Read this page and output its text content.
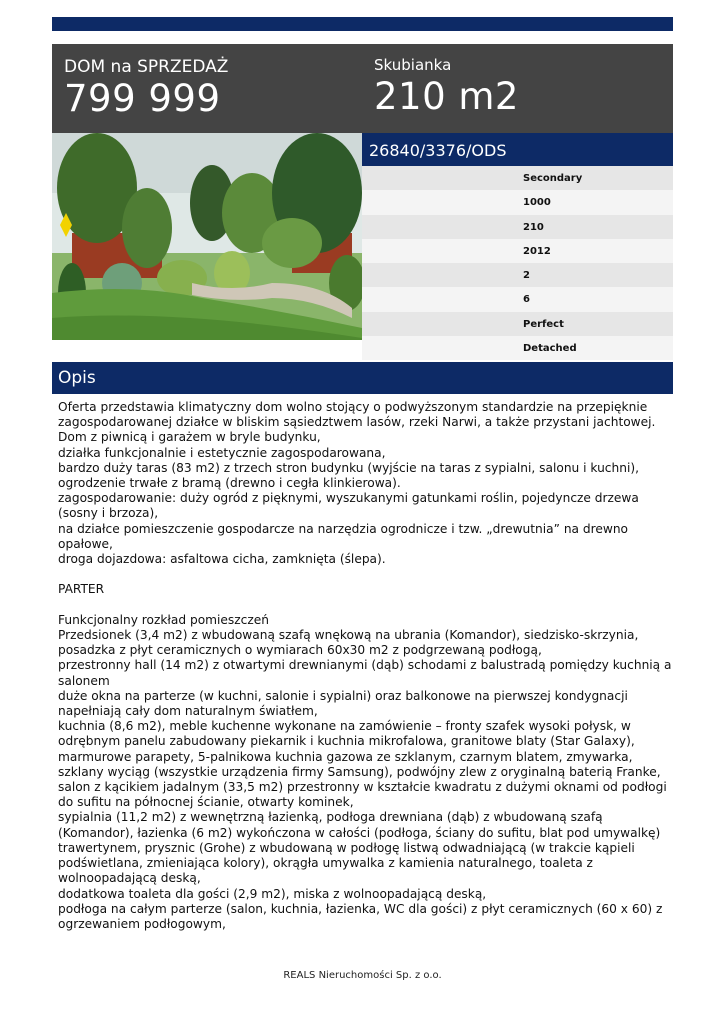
DOM na SPRZEDAŻ
799 999
Skubianka
210 m2
26840/3376/ODS
Secondary
1000
210
2012
2
6
Perfect
Detached
Opis
Oferta przedstawia klimatyczny dom wolno stojący o podwyższonym standardzie na przepięknie zagospodarowanej działce w bliskim sąsiedztwem lasów, rzeki Narwi, a także przystani jachtowej.
Dom z piwnicą i garażem w bryle budynku,
działka funkcjonalnie i estetycznie zagospodarowana,
bardzo duży taras (83 m2) z trzech stron budynku (wyjście na taras z sypialni, salonu i kuchni),
ogrodzenie trwałe z bramą (drewno i cegła klinkierowa).
zagospodarowanie: duży ogród z pięknymi, wyszukanymi gatunkami roślin, pojedyncze drzewa (sosny i brzoza),
na działce pomieszczenie gospodarcze na narzędzia ogrodnicze i tzw. „drewutnia” na drewno opałowe,
droga dojazdowa: asfaltowa cicha, zamknięta (ślepa).

PARTER

Funkcjonalny rozkład pomieszczeń
Przedsionek (3,4 m2) z wbudowaną szafą wnękową na ubrania (Komandor), siedzisko-skrzynia, posadzka z płyt ceramicznych o wymiarach 60x30 m2 z podgrzewaną podłogą,
przestronny hall (14 m2) z otwartymi drewnianymi (dąb) schodami z balustradą pomiędzy kuchnią a salonem
duże okna na parterze (w kuchni, salonie i sypialni) oraz balkonowe na pierwszej kondygnacji napełniają cały dom naturalnym światłem,
kuchnia (8,6 m2), meble kuchenne wykonane na zamówienie – fronty szafek wysoki połysk, w odrębnym panelu zabudowany piekarnik i kuchnia mikrofalowa, granitowe blaty (Star Galaxy), marmurowe parapety, 5-palnikowa kuchnia gazowa ze szklanym, czarnym blatem, zmywarka, szklany wyciąg (wszystkie urządzenia firmy Samsung), podwójny zlew z oryginalną baterią Franke,
salon z kącikiem jadalnym (33,5 m2) przestronny w kształcie kwadratu z dużymi oknami od podłogi do sufitu na północnej ścianie, otwarty kominek,
sypialnia (11,2 m2) z wewnętrzną łazienką, podłoga drewniana (dąb) z wbudowaną szafą (Komandor), łazienka (6 m2) wykończona w całości (podłoga, ściany do sufitu, blat pod umywalkę) trawertynem, prysznic (Grohe) z wbudowaną w podłogę listwą odwadniającą (w trakcie kąpieli podświetlana, zmieniająca kolory), okrągła umywalka z kamienia naturalnego, toaleta z wolnoopadającą deską,
dodatkowa toaleta dla gości (2,9 m2), miska z wolnoopadającą deską,
podłoga na całym parterze (salon, kuchnia, łazienka, WC dla gości) z płyt ceramicznych (60 x 60) z ogrzewaniem podłogowym,
REALS Nieruchomości Sp. z o.o.
